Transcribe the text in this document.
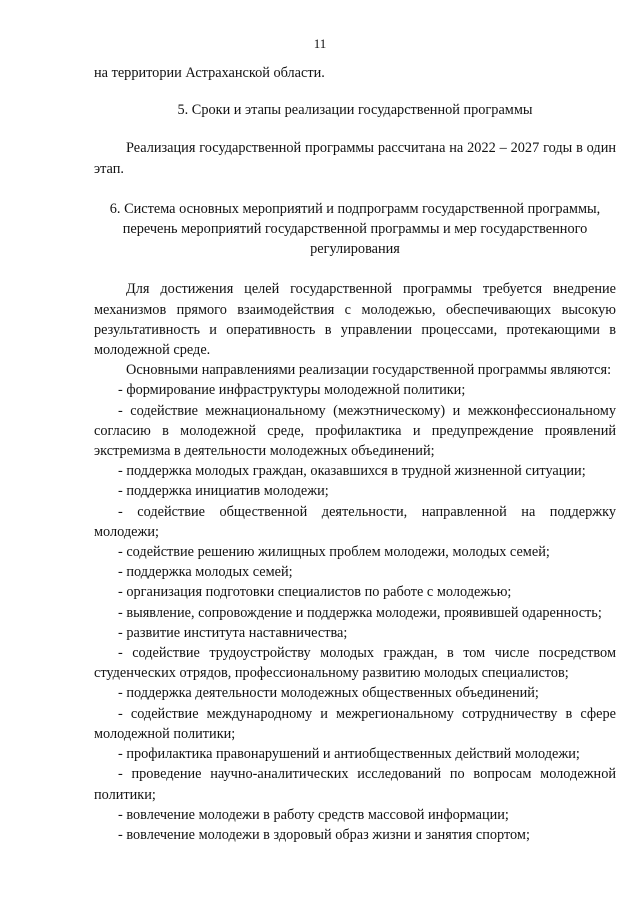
11

на территории Астраханской области.

5. Сроки и этапы реализации государственной программы

Реализация государственной программы рассчитана на 2022 – 2027 годы в один этап.

6. Система основных мероприятий и подпрограмм государственной программы, перечень мероприятий государственной программы и мер государственного регулирования

Для достижения целей государственной программы требуется внедрение механизмов прямого взаимодействия с молодежью, обеспечивающих высокую результативность и оперативность в управлении процессами, протекающими в молодежной среде.

Основными направлениями реализации государственной программы являются:

- формирование инфраструктуры молодежной политики;

- содействие межнациональному (межэтническому) и межконфессиональному согласию в молодежной среде, профилактика и предупреждение проявлений экстремизма в деятельности молодежных объединений;

- поддержка молодых граждан, оказавшихся в трудной жизненной ситуации;

- поддержка инициатив молодежи;

- содействие общественной деятельности, направленной на поддержку молодежи;

- содействие решению жилищных проблем молодежи, молодых семей;

- поддержка молодых семей;

- организация подготовки специалистов по работе с молодежью;

- выявление, сопровождение и поддержка молодежи, проявившей одаренность;

- развитие института наставничества;

- содействие трудоустройству молодых граждан, в том числе посредством студенческих отрядов, профессиональному развитию молодых специалистов;

- поддержка деятельности молодежных общественных объединений;

- содействие международному и межрегиональному сотрудничеству в сфере молодежной политики;

- профилактика правонарушений и антиобщественных действий молодежи;

- проведение научно-аналитических исследований по вопросам молодежной политики;

- вовлечение молодежи в работу средств массовой информации;

- вовлечение молодежи в здоровый образ жизни и занятия спортом;
